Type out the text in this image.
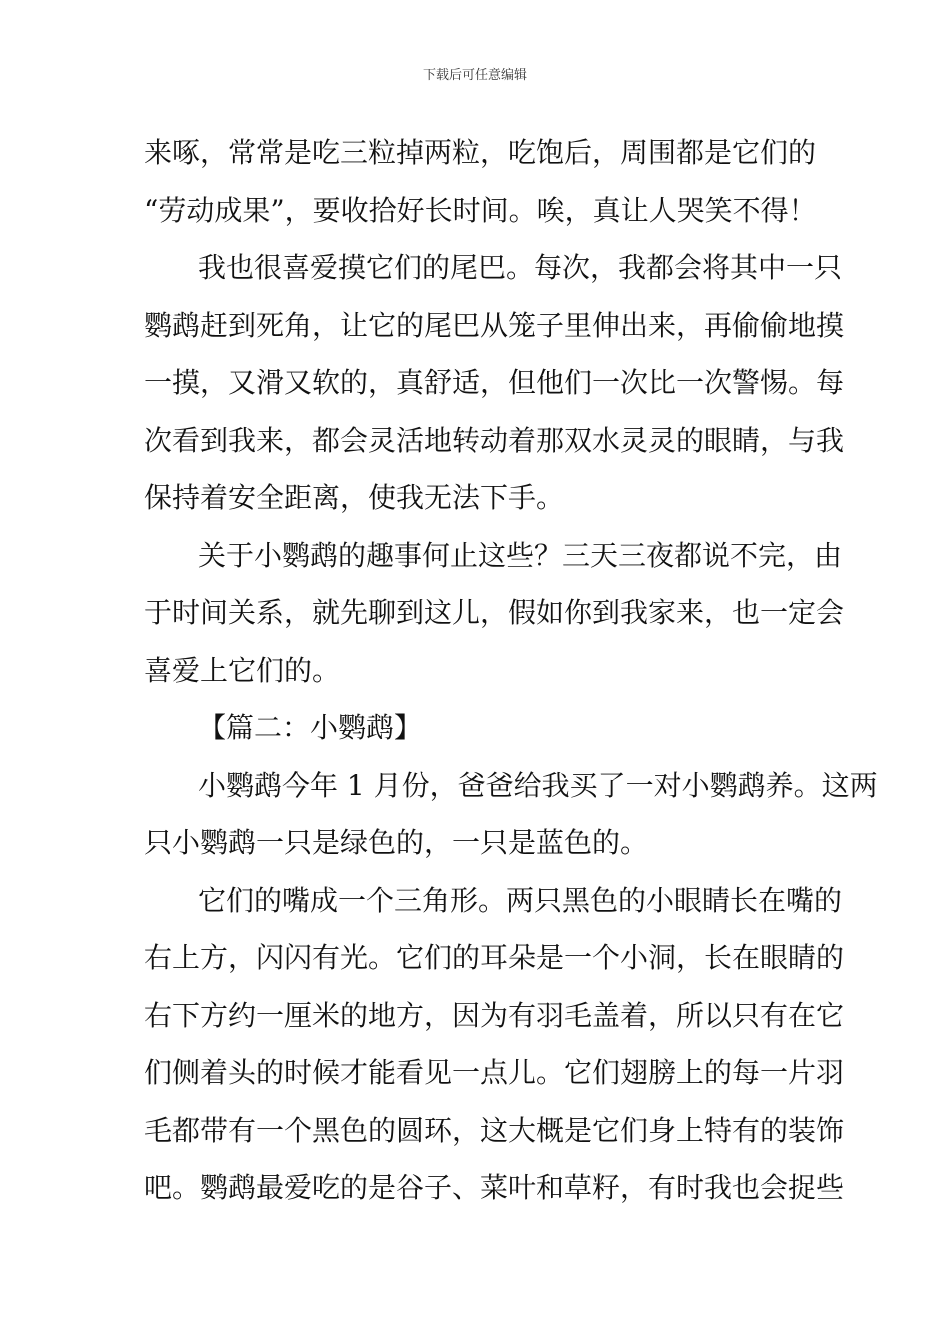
下载后可任意编辑
来啄，常常是吃三粒掉两粒，吃饱后，周围都是它们的
“劳动成果”，要收拾好长时间。唉，真让人哭笑不得！
我也很喜爱摸它们的尾巴。每次，我都会将其中一只
鹦鹉赶到死角，让它的尾巴从笼子里伸出来，再偷偷地摸
一摸，又滑又软的，真舒适，但他们一次比一次警惕。每
次看到我来，都会灵活地转动着那双水灵灵的眼睛，与我
保持着安全距离，使我无法下手。
关于小鹦鹉的趣事何止这些？三天三夜都说不完，由
于时间关系，就先聊到这儿，假如你到我家来，也一定会
喜爱上它们的。
【篇二：小鹦鹉】
小鹦鹉今年 1 月份，爸爸给我买了一对小鹦鹉养。这两
只小鹦鹉一只是绿色的，一只是蓝色的。
它们的嘴成一个三角形。两只黑色的小眼睛长在嘴的
右上方，闪闪有光。它们的耳朵是一个小洞，长在眼睛的
右下方约一厘米的地方，因为有羽毛盖着，所以只有在它
们侧着头的时候才能看见一点儿。它们翅膀上的每一片羽
毛都带有一个黑色的圆环，这大概是它们身上特有的装饰
吧。鹦鹉最爱吃的是谷子、菜叶和草籽，有时我也会捉些
